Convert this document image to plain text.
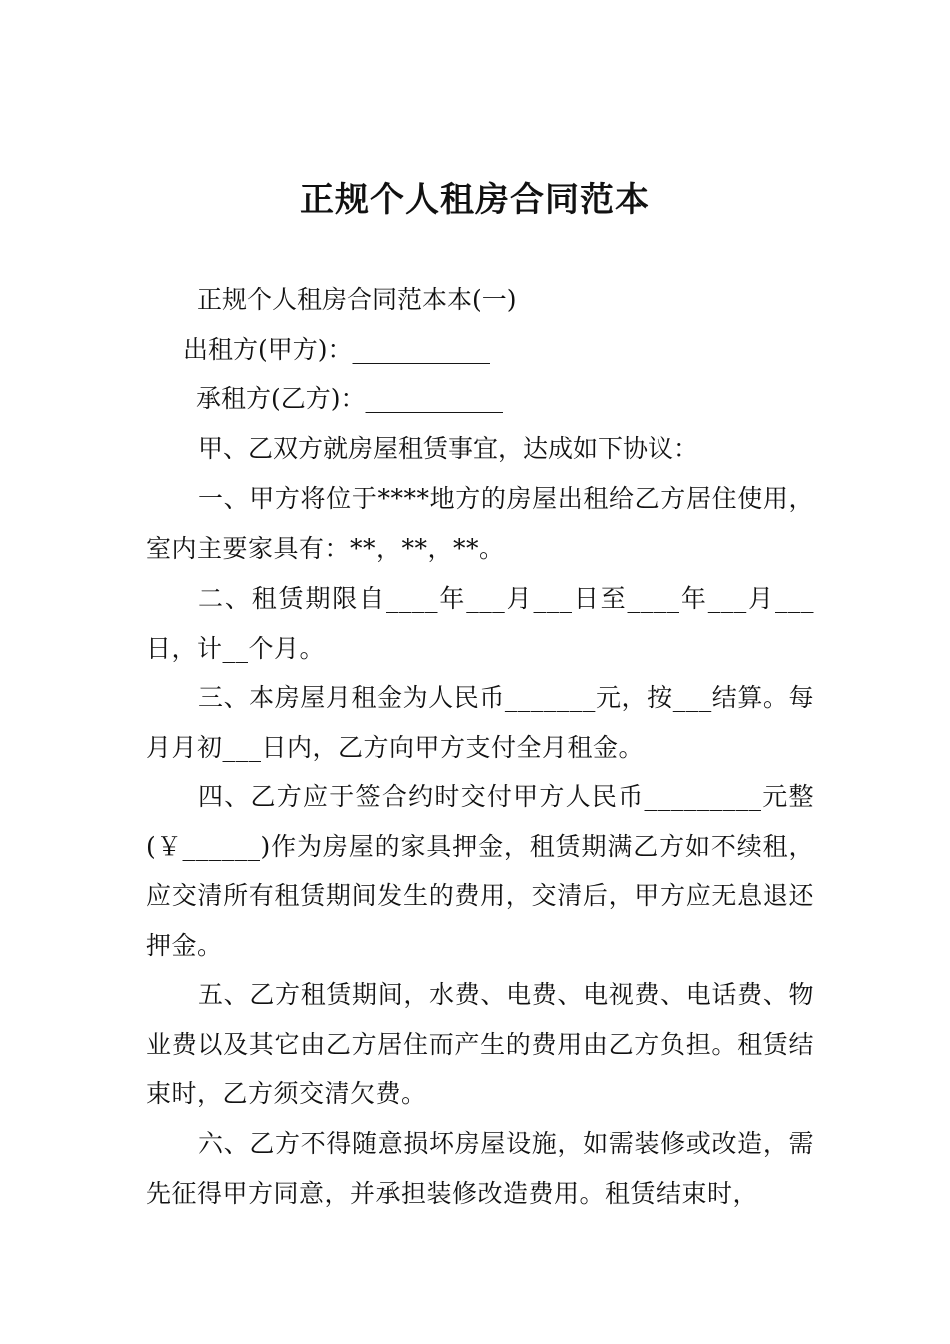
正规个人租房合同范本
正规个人租房合同范本本(一)
出租方(甲方)：___________
承租方(乙方)：___________
甲、乙双方就房屋租赁事宜，达成如下协议：
一、甲方将位于****地方的房屋出租给乙方居住使用，室内主要家具有：**，**，**。
二、租赁期限自____年___月___日至____年___月___日，计__个月。
三、本房屋月租金为人民币_______元，按___结算。每月月初___日内，乙方向甲方支付全月租金。
四、乙方应于签合约时交付甲方人民币_________元整(￥______)作为房屋的家具押金，租赁期满乙方如不续租，应交清所有租赁期间发生的费用，交清后，甲方应无息退还押金。
五、乙方租赁期间，水费、电费、电视费、电话费、物业费以及其它由乙方居住而产生的费用由乙方负担。租赁结束时，乙方须交清欠费。
六、乙方不得随意损坏房屋设施，如需装修或改造，需先征得甲方同意，并承担装修改造费用。租赁结束时，
